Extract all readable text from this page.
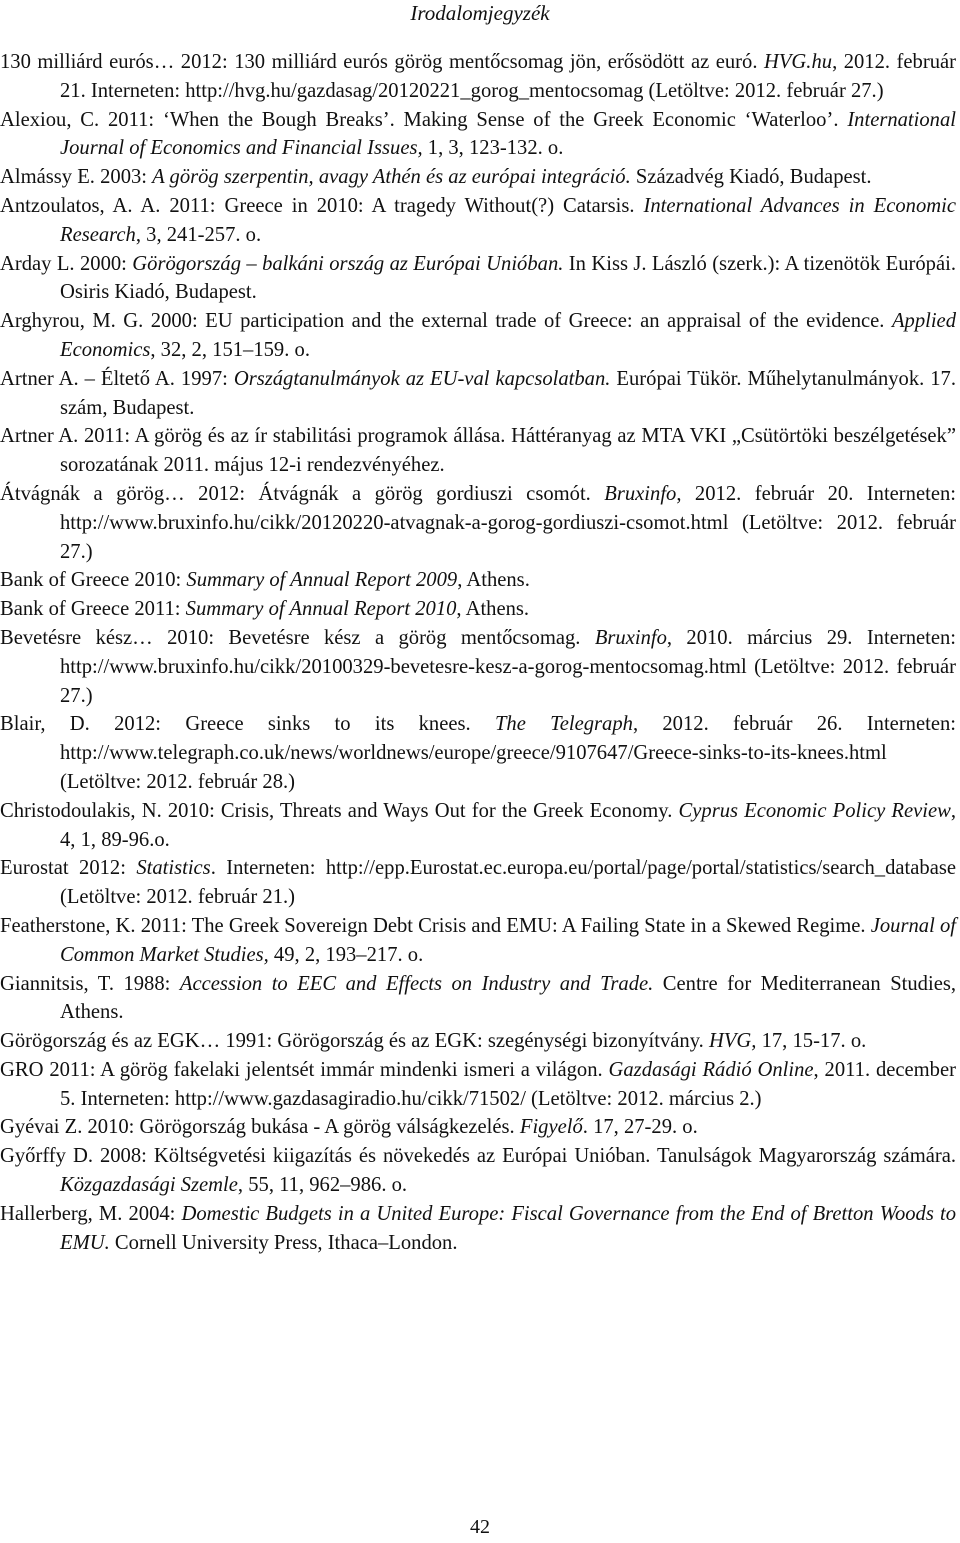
Irodalomjegyzék
130 milliárd eurós… 2012: 130 milliárd eurós görög mentőcsomag jön, erősödött az euró. HVG.hu, 2012. február 21. Interneten: http://hvg.hu/gazdasag/20120221_gorog_mentocsomag (Letöltve: 2012. február 27.)
Alexiou, C. 2011: ‘When the Bough Breaks’. Making Sense of the Greek Economic ‘Waterloo’. International Journal of Economics and Financial Issues, 1, 3, 123-132. o.
Almássy E. 2003: A görög szerpentin, avagy Athén és az európai integráció. Századvég Kiadó, Budapest.
Antzoulatos, A. A. 2011: Greece in 2010: A tragedy Without(?) Catarsis. International Advances in Economic Research, 3, 241-257. o.
Arday L. 2000: Görögország – balkáni ország az Európai Unióban. In Kiss J. László (szerk.): A tizenötök Európái. Osiris Kiadó, Budapest.
Arghyrou, M. G. 2000: EU participation and the external trade of Greece: an appraisal of the evidence. Applied Economics, 32, 2, 151–159. o.
Artner A. – Éltető A. 1997: Országtanulmányok az EU-val kapcsolatban. Európai Tükör. Műhelytanulmányok. 17. szám, Budapest.
Artner A. 2011: A görög és az ír stabilitási programok állása. Háttéranyag az MTA VKI „Csütörtöki beszélgetések” sorozatának 2011. május 12-i rendezvényéhez.
Átvágnák a görög… 2012: Átvágnák a görög gordiuszi csomót. Bruxinfo, 2012. február 20. Interneten: http://www.bruxinfo.hu/cikk/20120220-atvagnak-a-gorog-gordiuszi-csomot.html (Letöltve: 2012. február 27.)
Bank of Greece 2010: Summary of Annual Report 2009, Athens.
Bank of Greece 2011: Summary of Annual Report 2010, Athens.
Bevetésre kész… 2010: Bevetésre kész a görög mentőcsomag. Bruxinfo, 2010. március 29. Interneten: http://www.bruxinfo.hu/cikk/20100329-bevetesre-kesz-a-gorog-mentocsomag.html (Letöltve: 2012. február 27.)
Blair, D. 2012: Greece sinks to its knees. The Telegraph, 2012. február 26. Interneten: http://www.telegraph.co.uk/news/worldnews/europe/greece/9107647/Greece-sinks-to-its-knees.html (Letöltve: 2012. február 28.)
Christodoulakis, N. 2010: Crisis, Threats and Ways Out for the Greek Economy. Cyprus Economic Policy Review, 4, 1, 89-96.o.
Eurostat 2012: Statistics. Interneten: http://epp.Eurostat.ec.europa.eu/portal/page/portal/statistics/search_database (Letöltve: 2012. február 21.)
Featherstone, K. 2011: The Greek Sovereign Debt Crisis and EMU: A Failing State in a Skewed Regime. Journal of Common Market Studies, 49, 2, 193–217. o.
Giannitsis, T. 1988: Accession to EEC and Effects on Industry and Trade. Centre for Mediterranean Studies, Athens.
Görögország és az EGK… 1991: Görögország és az EGK: szegénységi bizonyítvány. HVG, 17, 15-17. o.
GRO 2011: A görög fakelaki jelentsét immár mindenki ismeri a világon. Gazdasági Rádió Online, 2011. december 5. Interneten: http://www.gazdasagiradio.hu/cikk/71502/ (Letöltve: 2012. március 2.)
Gyévai Z. 2010: Görögország bukása - A görög válságkezelés. Figyelő. 17, 27-29. o.
Győrffy D. 2008: Költségvetési kiigazítás és növekedés az Európai Unióban. Tanulságok Magyarország számára. Közgazdasági Szemle, 55, 11, 962–986. o.
Hallerberg, M. 2004: Domestic Budgets in a United Europe: Fiscal Governance from the End of Bretton Woods to EMU. Cornell University Press, Ithaca–London.
42
